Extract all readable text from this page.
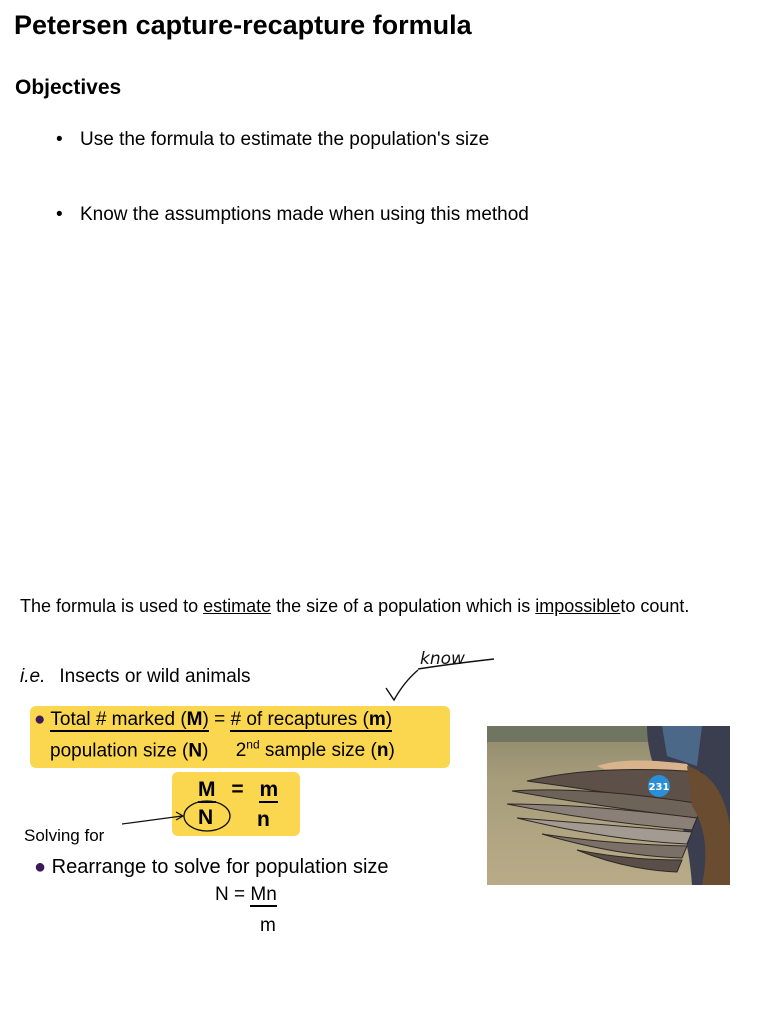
Petersen capture-recapture formula
Objectives
• Use the formula to estimate the population's size
• Know the assumptions made when using this method
The formula is used to estimate the size of a population which is impossibleto count.
i.e. Insects or wild animals
know
● Total # marked (M) = # of recaptures (m)
population size (N) 2nd sample size (n)
M = m
N n
Solving for
● Rearrange to solve for population size
N = Mn
m
231
